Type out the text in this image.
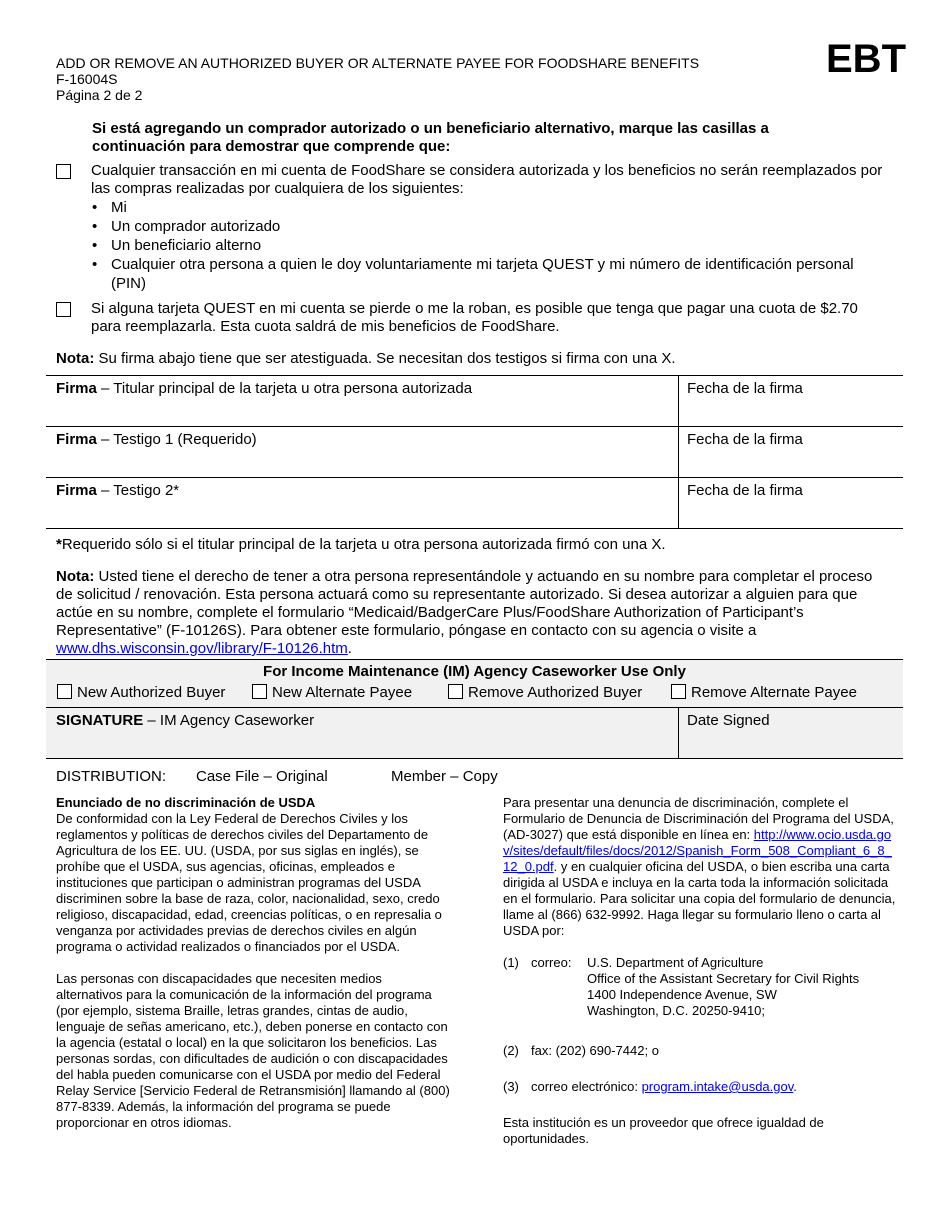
ADD OR REMOVE AN AUTHORIZED BUYER OR ALTERNATE PAYEE FOR FOODSHARE BENEFITS
F-16004S
Página 2 de 2
EBT
Si está agregando un comprador autorizado o un beneficiario alternativo, marque las casillas a continuación para demostrar que comprende que:
Cualquier transacción en mi cuenta de FoodShare se considera autorizada y los beneficios no serán reemplazados por las compras realizadas por cualquiera de los siguientes:
• Mi
• Un comprador autorizado
• Un beneficiario alterno
• Cualquier otra persona a quien le doy voluntariamente mi tarjeta QUEST y mi número de identificación personal (PIN)
Si alguna tarjeta QUEST en mi cuenta se pierde o me la roban, es posible que tenga que pagar una cuota de $2.70 para reemplazarla. Esta cuota saldrá de mis beneficios de FoodShare.
Nota: Su firma abajo tiene que ser atestiguada. Se necesitan dos testigos si firma con una X.
Firma – Titular principal de la tarjeta u otra persona autorizada	Fecha de la firma
Firma – Testigo 1 (Requerido)	Fecha de la firma
Firma – Testigo 2*	Fecha de la firma
*Requerido sólo si el titular principal de la tarjeta u otra persona autorizada firmó con una X.
Nota: Usted tiene el derecho de tener a otra persona representándole y actuando en su nombre para completar el proceso de solicitud / renovación. Esta persona actuará como su representante autorizado. Si desea autorizar a alguien para que actúe en su nombre, complete el formulario “Medicaid/BadgerCare Plus/FoodShare Authorization of Participant’s Representative” (F-10126S). Para obtener este formulario, póngase en contacto con su agencia o visite a www.dhs.wisconsin.gov/library/F-10126.htm.
For Income Maintenance (IM) Agency Caseworker Use Only
New Authorized Buyer	New Alternate Payee	Remove Authorized Buyer	Remove Alternate Payee
SIGNATURE – IM Agency Caseworker	Date Signed
DISTRIBUTION: Case File – Original	Member – Copy
Enunciado de no discriminación de USDA

De conformidad con la Ley Federal de Derechos Civiles y los reglamentos y políticas de derechos civiles del Departamento de Agricultura de los EE. UU. (USDA, por sus siglas en inglés), se prohíbe que el USDA, sus agencias, oficinas, empleados e instituciones que participan o administran programas del USDA discriminen sobre la base de raza, color, nacionalidad, sexo, credo religioso, discapacidad, edad, creencias políticas, o en represalia o venganza por actividades previas de derechos civiles en algún programa o actividad realizados o financiados por el USDA.

Las personas con discapacidades que necesiten medios alternativos para la comunicación de la información del programa (por ejemplo, sistema Braille, letras grandes, cintas de audio, lenguaje de señas americano, etc.), deben ponerse en contacto con la agencia (estatal o local) en la que solicitaron los beneficios. Las personas sordas, con dificultades de audición o con discapacidades del habla pueden comunicarse con el USDA por medio del Federal Relay Service [Servicio Federal de Retransmisión] llamando al (800) 877-8339. Además, la información del programa se puede proporcionar en otros idiomas.

Para presentar una denuncia de discriminación, complete el Formulario de Denuncia de Discriminación del Programa del USDA, (AD-3027) que está disponible en línea en: http://www.ocio.usda.gov/sites/default/files/docs/2012/Spanish_Form_508_Compliant_6_8_12_0.pdf. y en cualquier oficina del USDA, o bien escriba una carta dirigida al USDA e incluya en la carta toda la información solicitada en el formulario. Para solicitar una copia del formulario de denuncia, llame al (866) 632-9992. Haga llegar su formulario lleno o carta al USDA por:

(1) correo: U.S. Department of Agriculture
Office of the Assistant Secretary for Civil Rights
1400 Independence Avenue, SW
Washington, D.C. 20250-9410;
(2) fax: (202) 690-7442; o
(3) correo electrónico: program.intake@usda.gov.

Esta institución es un proveedor que ofrece igualdad de oportunidades.
